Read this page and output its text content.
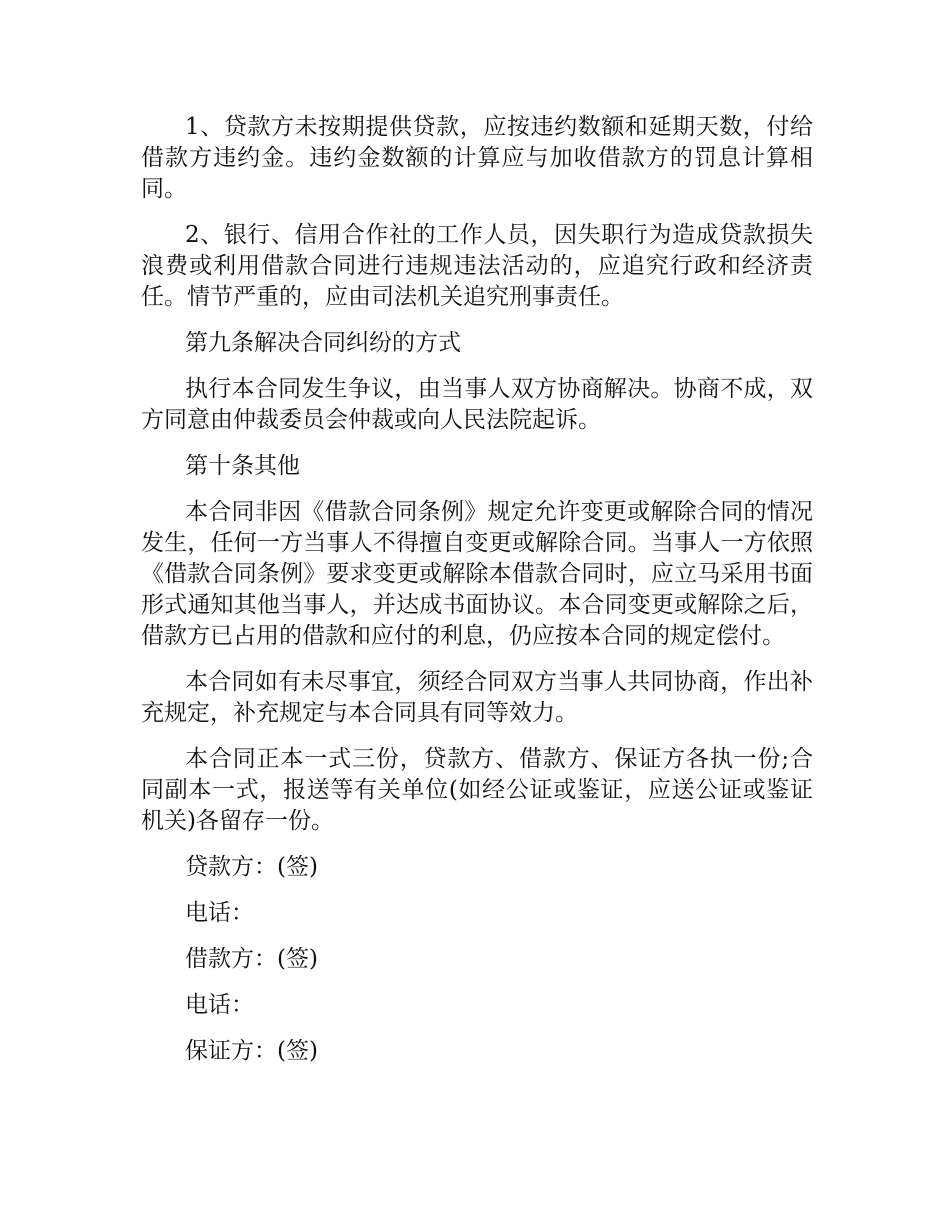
1、贷款方未按期提供贷款，应按违约数额和延期天数，付给借款方违约金。违约金数额的计算应与加收借款方的罚息计算相同。

2、银行、信用合作社的工作人员，因失职行为造成贷款损失浪费或利用借款合同进行违规违法活动的，应追究行政和经济责任。情节严重的，应由司法机关追究刑事责任。

第九条解决合同纠纷的方式

执行本合同发生争议，由当事人双方协商解决。协商不成，双方同意由仲裁委员会仲裁或向人民法院起诉。

第十条其他

本合同非因《借款合同条例》规定允许变更或解除合同的情况发生，任何一方当事人不得擅自变更或解除合同。当事人一方依照《借款合同条例》要求变更或解除本借款合同时，应立马采用书面形式通知其他当事人，并达成书面协议。本合同变更或解除之后，借款方已占用的借款和应付的利息，仍应按本合同的规定偿付。

本合同如有未尽事宜，须经合同双方当事人共同协商，作出补充规定，补充规定与本合同具有同等效力。

本合同正本一式三份，贷款方、借款方、保证方各执一份;合同副本一式，报送等有关单位(如经公证或鉴证，应送公证或鉴证机关)各留存一份。

贷款方：(签)

电话：

借款方：(签)

电话：

保证方：(签)
